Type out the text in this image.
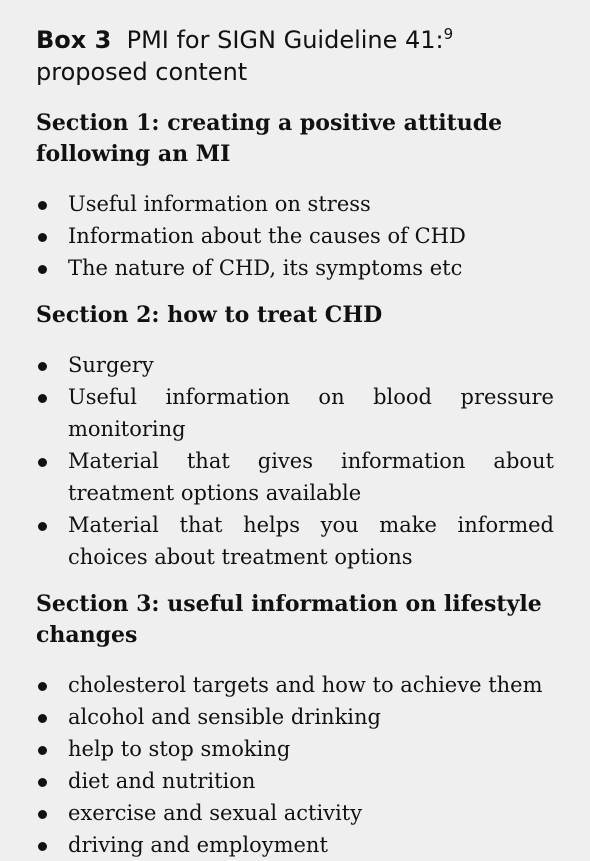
Box 3 PMI for SIGN Guideline 41:$^9$
proposed content
Section 1: creating a positive attitude following an MI
Useful information on stress
Information about the causes of CHD
The nature of CHD, its symptoms etc
Section 2: how to treat CHD
Surgery
Useful information on blood pressure monitoring
Material that gives information about treatment options available
Material that helps you make informed choices about treatment options
Section 3: useful information on lifestyle changes
cholesterol targets and how to achieve them
alcohol and sensible drinking
help to stop smoking
diet and nutrition
exercise and sexual activity
driving and employment
